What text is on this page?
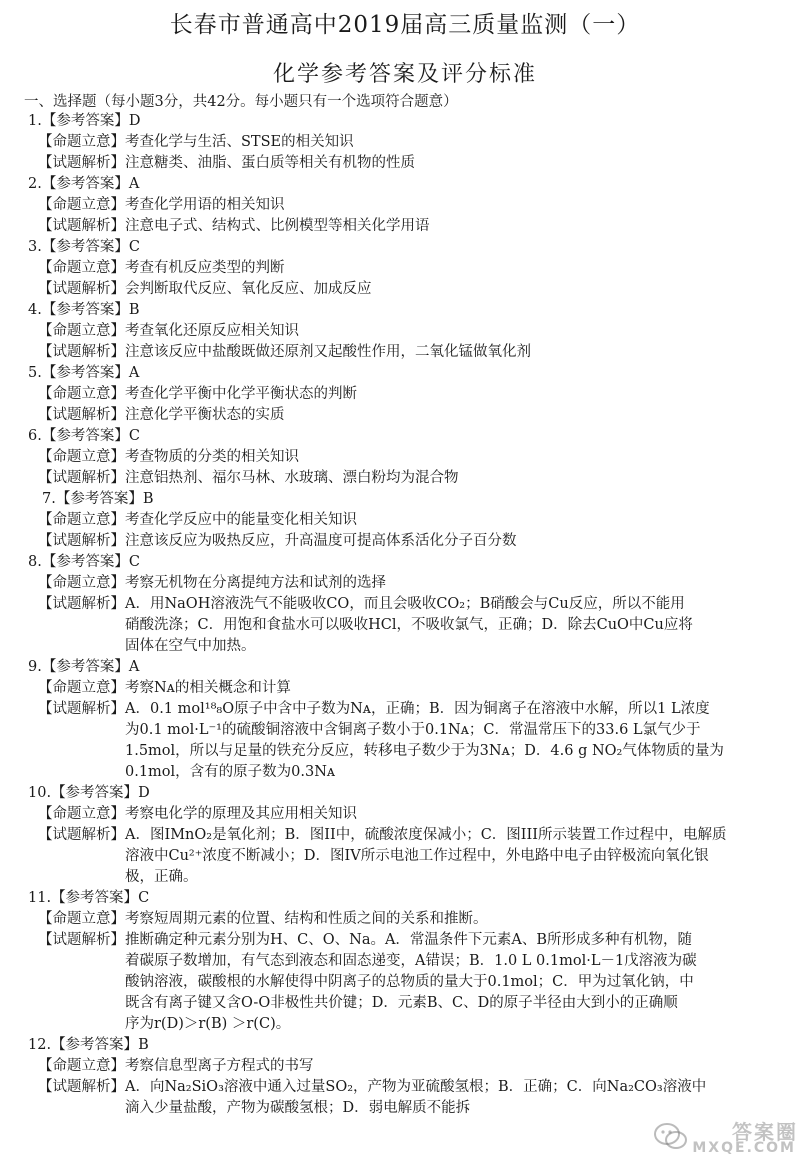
长春市普通高中2019届高三质量监测（一）
化学参考答案及评分标准
一、选择题（每小题3分，共42分。每小题只有一个选项符合题意）
1.【参考答案】D
【命题立意】 考查化学与生活、STSE的相关知识
【试题解析】 注意糖类、油脂、蛋白质等相关有机物的性质
2.【参考答案】A
【命题立意】 考查化学用语的相关知识
【试题解析】 注意电子式、结构式、比例模型等相关化学用语
3.【参考答案】C
【命题立意】 考查有机反应类型的判断
【试题解析】 会判断取代反应、氧化反应、加成反应
4.【参考答案】B
【命题立意】 考查氧化还原反应相关知识
【试题解析】 注意该反应中盐酸既做还原剂又起酸性作用，二氧化锰做氧化剂
5.【参考答案】A
【命题立意】 考查化学平衡中化学平衡状态的判断
【试题解析】 注意化学平衡状态的实质
6.【参考答案】C
【命题立意】 考查物质的分类的相关知识
【试题解析】 注意铝热剂、福尔马林、水玻璃、漂白粉均为混合物
7.【参考答案】B
【命题立意】 考查化学反应中的能量变化相关知识
【试题解析】 注意该反应为吸热反应，升高温度可提高体系活化分子百分数
8.【参考答案】C
【命题立意】 考察无机物在分离提纯方法和试剂的选择
【试题解析】 A．用NaOH溶液洗气不能吸收CO，而且会吸收CO₂；B硝酸会与Cu反应，所以不能用
硝酸洗涤；C．用饱和食盐水可以吸收HCl，不吸收氯气，正确；D．除去CuO中Cu应将
固体在空气中加热。
9.【参考答案】A
【命题立意】 考察Nᴀ的相关概念和计算
【试题解析】 A．0.1 mol¹⁸₈O原子中含中子数为Nᴀ，正确；B．因为铜离子在溶液中水解，所以1 L浓度
为0.1 mol·L⁻¹的硫酸铜溶液中含铜离子数小于0.1Nᴀ；C．常温常压下的33.6 L氯气少于
1.5mol，所以与足量的铁充分反应，转移电子数少于为3Nᴀ；D．4.6 g NO₂气体物质的量为
0.1mol，含有的原子数为0.3Nᴀ
10.【参考答案】D
【命题立意】 考察电化学的原理及其应用相关知识
【试题解析】 A．图IMnO₂是氧化剂；B．图II中，硫酸浓度保减小；C．图III所示装置工作过程中，电解质
溶液中Cu²⁺浓度不断减小；D．图IV所示电池工作过程中，外电路中电子由锌极流向氧化银
极，正确。
11.【参考答案】C
【命题立意】 考察短周期元素的位置、结构和性质之间的关系和推断。
【试题解析】 推断确定种元素分别为H、C、O、Na。A．常温条件下元素A、B所形成多种有机物，随
着碳原子数增加，有气态到液态和固态递变，A错误；B．1.0 L 0.1mol·L－1戊溶液为碳
酸钠溶液，碳酸根的水解使得中阴离子的总物质的量大于0.1mol；C．甲为过氧化钠，中
既含有离子键又含O-O非极性共价键；D．元素B、C、D的原子半径由大到小的正确顺
序为r(D)＞r(B) ＞r(C)。
12.【参考答案】B
【命题立意】 考察信息型离子方程式的书写
【试题解析】 A．向Na₂SiO₃溶液中通入过量SO₂，产物为亚硫酸氢根；B．正确；C．向Na₂CO₃溶液中
滴入少量盐酸，产物为碳酸氢根；D．弱电解质不能拆
答案圈
MXQE.COM
